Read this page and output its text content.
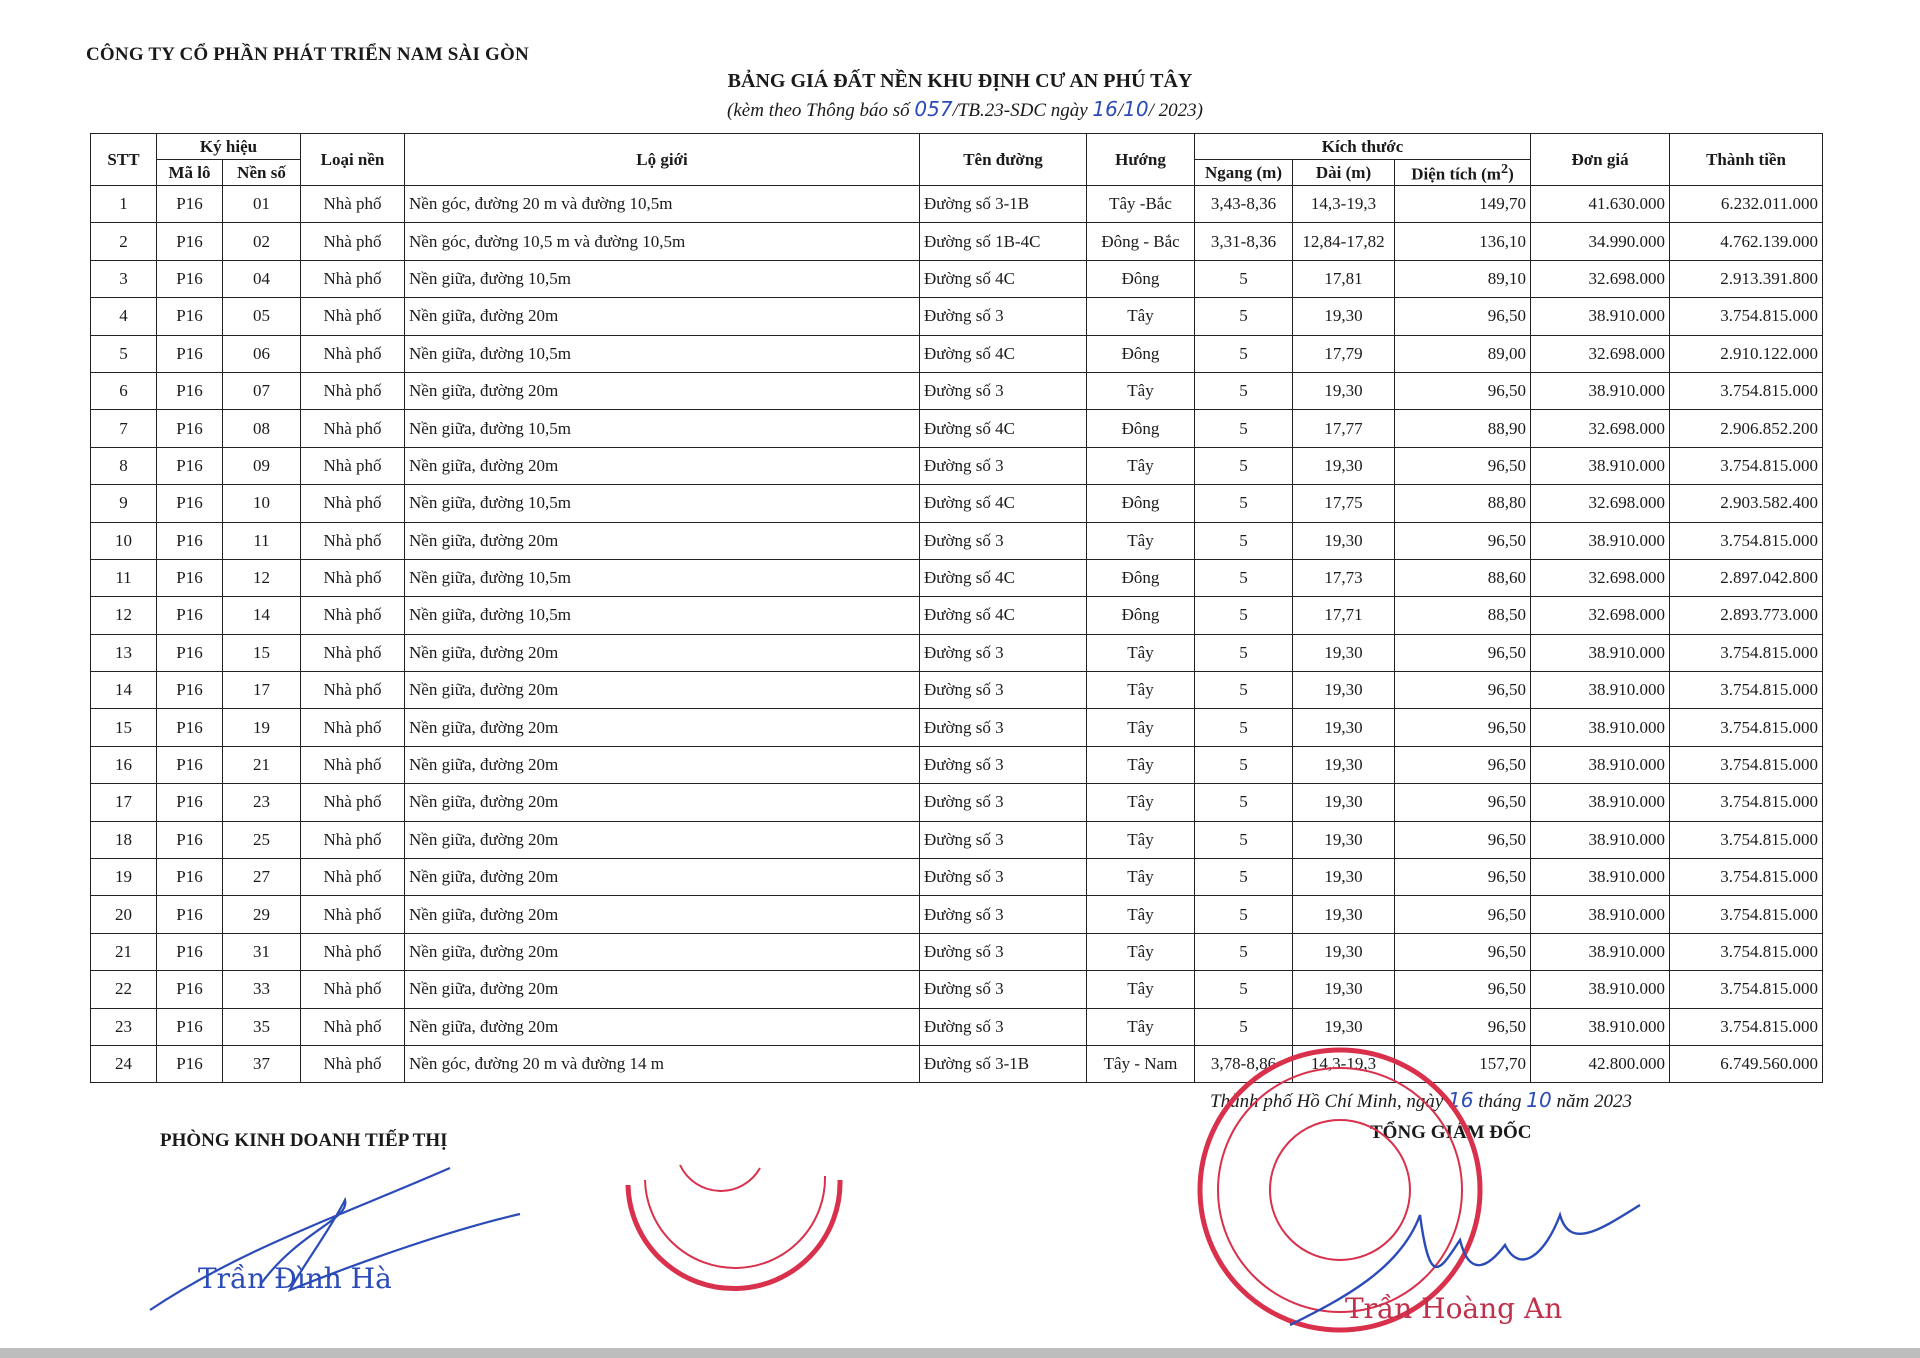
CÔNG TY CỔ PHẦN PHÁT TRIỂN NAM SÀI GÒN
BẢNG GIÁ ĐẤT NỀN KHU ĐỊNH CƯ AN PHÚ TÂY
(kèm theo Thông báo số 057/TB.23-SDC ngày 16/10/ 2023)
STT	Ký hiệu		Loại nền	Lộ giới	Tên đường	Hướng	Kích thước			Đơn giá	Thành tiền
	Mã lô	Nền số					Ngang (m)	Dài (m)	Diện tích $(m^2)$		
1	P16	01	Nhà phố	Nền góc, đường 20 m và đường 10,5m	Đường số 3-1B	Tây -Bắc	3,43-8,36	14,3-19,3	149,70	41.630.000	6.232.011.000
2	P16	02	Nhà phố	Nền góc, đường 10,5 m và đường 10,5m	Đường số 1B-4C	Đông - Bắc	3,31-8,36	12,84-17,82	136,10	34.990.000	4.762.139.000
3	P16	04	Nhà phố	Nền giữa, đường 10,5m	Đường số 4C	Đông	5	17,81	89,10	32.698.000	2.913.391.800
4	P16	05	Nhà phố	Nền giữa, đường 20m	Đường số 3	Tây	5	19,30	96,50	38.910.000	3.754.815.000
5	P16	06	Nhà phố	Nền giữa, đường 10,5m	Đường số 4C	Đông	5	17,79	89,00	32.698.000	2.910.122.000
6	P16	07	Nhà phố	Nền giữa, đường 20m	Đường số 3	Tây	5	19,30	96,50	38.910.000	3.754.815.000
7	P16	08	Nhà phố	Nền giữa, đường 10,5m	Đường số 4C	Đông	5	17,77	88,90	32.698.000	2.906.852.200
8	P16	09	Nhà phố	Nền giữa, đường 20m	Đường số 3	Tây	5	19,30	96,50	38.910.000	3.754.815.000
9	P16	10	Nhà phố	Nền giữa, đường 10,5m	Đường số 4C	Đông	5	17,75	88,80	32.698.000	2.903.582.400
10	P16	11	Nhà phố	Nền giữa, đường 20m	Đường số 3	Tây	5	19,30	96,50	38.910.000	3.754.815.000
11	P16	12	Nhà phố	Nền giữa, đường 10,5m	Đường số 4C	Đông	5	17,73	88,60	32.698.000	2.897.042.800
12	P16	14	Nhà phố	Nền giữa, đường 10,5m	Đường số 4C	Đông	5	17,71	88,50	32.698.000	2.893.773.000
13	P16	15	Nhà phố	Nền giữa, đường 20m	Đường số 3	Tây	5	19,30	96,50	38.910.000	3.754.815.000
14	P16	17	Nhà phố	Nền giữa, đường 20m	Đường số 3	Tây	5	19,30	96,50	38.910.000	3.754.815.000
15	P16	19	Nhà phố	Nền giữa, đường 20m	Đường số 3	Tây	5	19,30	96,50	38.910.000	3.754.815.000
16	P16	21	Nhà phố	Nền giữa, đường 20m	Đường số 3	Tây	5	19,30	96,50	38.910.000	3.754.815.000
17	P16	23	Nhà phố	Nền giữa, đường 20m	Đường số 3	Tây	5	19,30	96,50	38.910.000	3.754.815.000
18	P16	25	Nhà phố	Nền giữa, đường 20m	Đường số 3	Tây	5	19,30	96,50	38.910.000	3.754.815.000
19	P16	27	Nhà phố	Nền giữa, đường 20m	Đường số 3	Tây	5	19,30	96,50	38.910.000	3.754.815.000
20	P16	29	Nhà phố	Nền giữa, đường 20m	Đường số 3	Tây	5	19,30	96,50	38.910.000	3.754.815.000
21	P16	31	Nhà phố	Nền giữa, đường 20m	Đường số 3	Tây	5	19,30	96,50	38.910.000	3.754.815.000
22	P16	33	Nhà phố	Nền giữa, đường 20m	Đường số 3	Tây	5	19,30	96,50	38.910.000	3.754.815.000
23	P16	35	Nhà phố	Nền giữa, đường 20m	Đường số 3	Tây	5	19,30	96,50	38.910.000	3.754.815.000
24	P16	37	Nhà phố	Nền góc, đường 20 m và đường 14 m	Đường số 3-1B	Tây - Nam	3,78-8,86	14,3-19,3	157,70	42.800.000	6.749.560.000
Thành phố Hồ Chí Minh, ngày 16 tháng 10 năm 2023
PHÒNG KINH DOANH TIẾP THỊ	TỔNG GIÁM ĐỐC
Trần Đình Hà
Trần Hoàng An
